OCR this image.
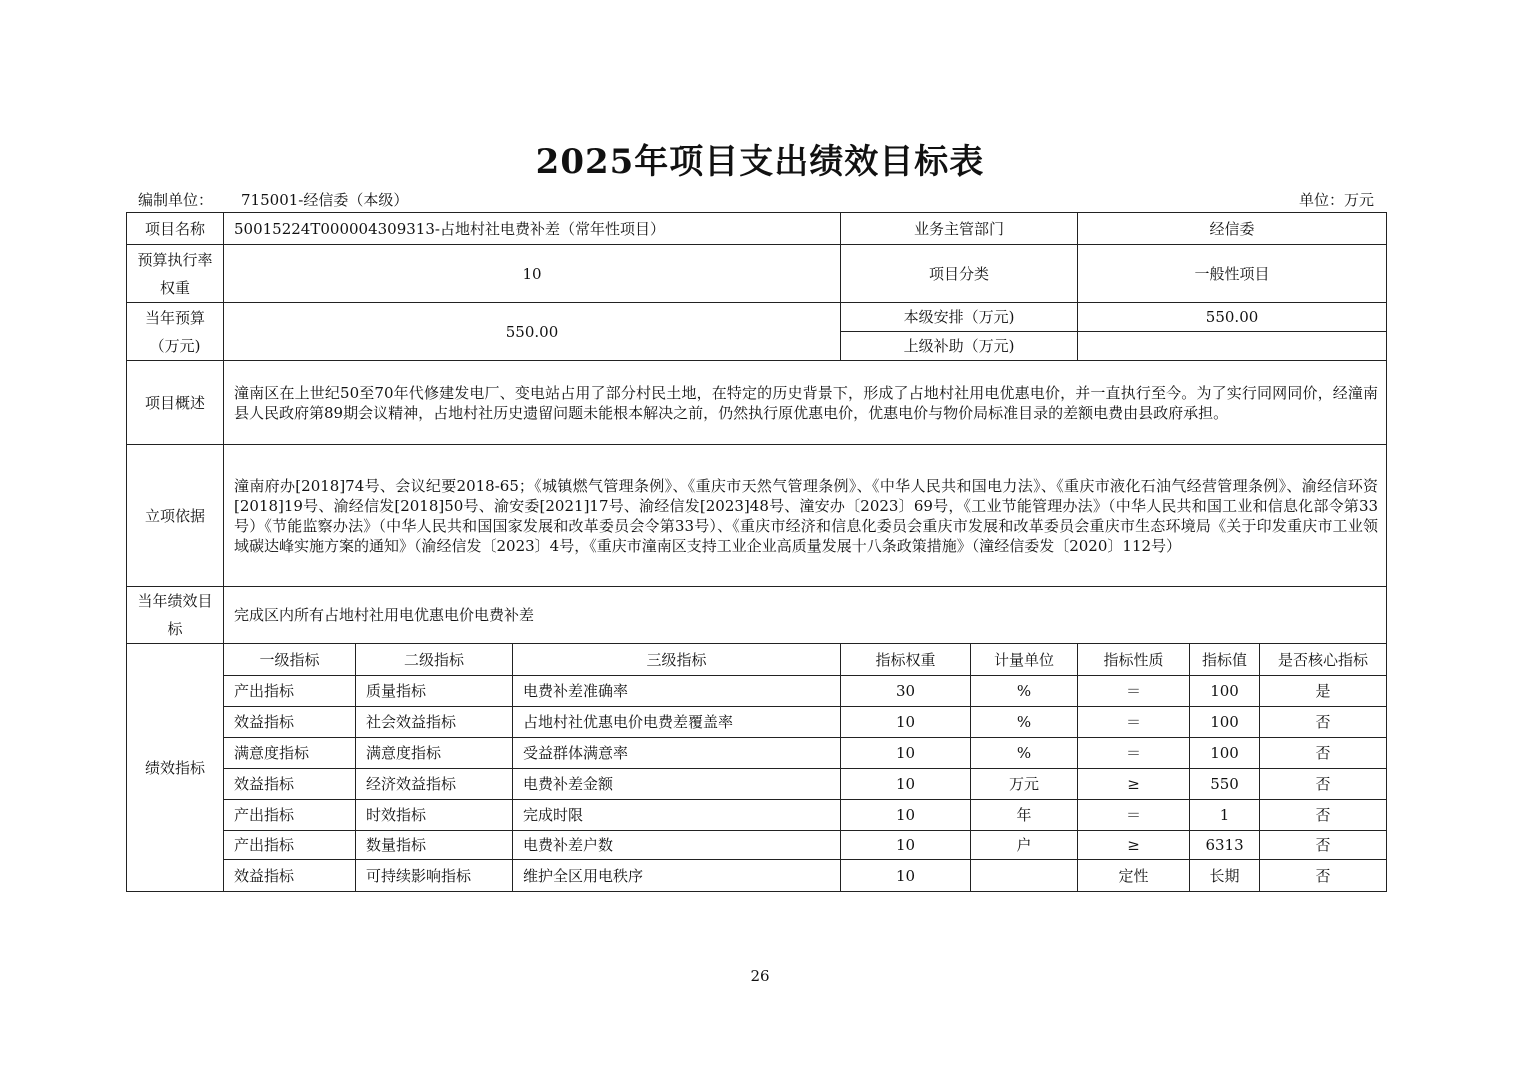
2025年项目支出绩效目标表
编制单位： 715001-经信委（本级）	单位：万元
项目名称	50015224T000004309313-占地村社电费补差（常年性项目）			业务主管部门		经信委		
预算执行率权重	10			项目分类		一般性项目		
当年预算（万元)	550.00			本级安排（万元)		550.00		
				上级补助（万元)				
项目概述	潼南区在上世纪50至70年代修建发电厂、变电站占用了部分村民土地，在特定的历史背景下，形成了占地村社用电优惠电价，并一直执行至今。为了实行同网同价，经潼南县人民政府第89期会议精神，占地村社历史遗留问题未能根本解决之前，仍然执行原优惠电价，优惠电价与物价局标准目录的差额电费由县政府承担。							
立项依据	潼南府办[2018]74号、会议纪要2018-65；《城镇燃气管理条例》、《重庆市天然气管理条例》、《中华人民共和国电力法》、《重庆市液化石油气经营管理条例》、渝经信环资[2018]19号、渝经信发[2018]50号、渝安委[2021]17号、渝经信发[2023]48号、潼安办〔2023〕69号，《工业节能管理办法》（中华人民共和国工业和信息化部令第33号）《节能监察办法》（中华人民共和国国家发展和改革委员会令第33号）、《重庆市经济和信息化委员会重庆市发展和改革委员会重庆市生态环境局《关于印发重庆市工业领域碳达峰实施方案的通知》（渝经信发〔2023〕4号，《重庆市潼南区支持工业企业高质量发展十八条政策措施》（潼经信委发〔2020〕112号）							
当年绩效目标	完成区内所有占地村社用电优惠电价电费补差							
绩效指标	一级指标	二级指标	三级指标	指标权重	计量单位	指标性质	指标值	是否核心指标
	产出指标	质量指标	电费补差准确率	30	%	＝	100	是
	效益指标	社会效益指标	占地村社优惠电价电费差覆盖率	10	%	＝	100	否
	满意度指标	满意度指标	受益群体满意率	10	%	＝	100	否
	效益指标	经济效益指标	电费补差金额	10	万元	≥	550	否
	产出指标	时效指标	完成时限	10	年	＝	1	否
	产出指标	数量指标	电费补差户数	10	户	≥	6313	否
	效益指标	可持续影响指标	维护全区用电秩序	10		定性	长期	否
26
